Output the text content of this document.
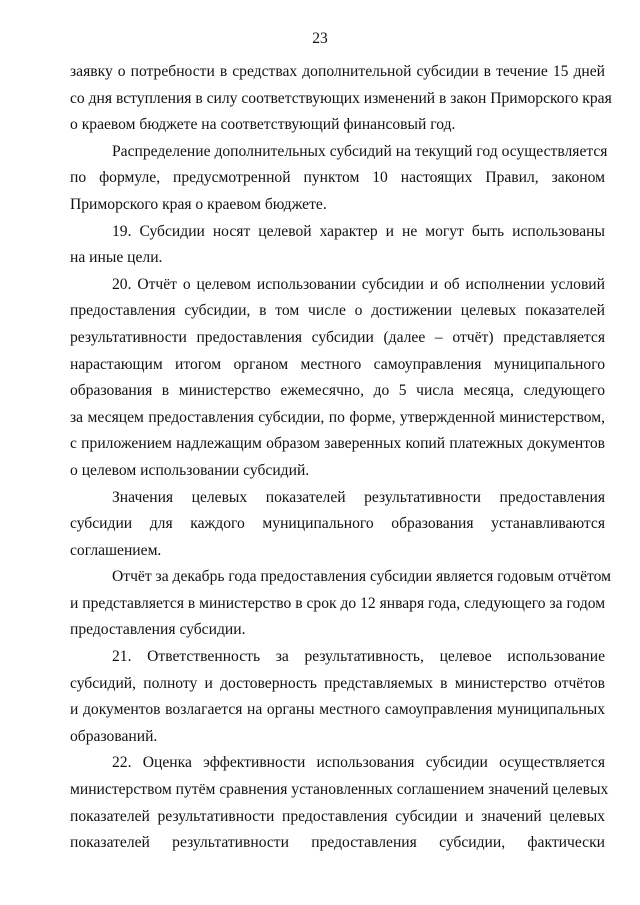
23
заявку о потребности в средствах дополнительной субсидии в течение 15 дней
со дня вступления в силу соответствующих изменений в закон Приморского края
о краевом бюджете на соответствующий финансовый год.
Распределение дополнительных субсидий на текущий год осуществляется
по формуле, предусмотренной пунктом 10 настоящих Правил, законом
Приморского края о краевом бюджете.
19. Субсидии носят целевой характер и не могут быть использованы
на иные цели.
20. Отчёт о целевом использовании субсидии и об исполнении условий
предоставления субсидии, в том числе о достижении целевых показателей
результативности предоставления субсидии (далее – отчёт) представляется
нарастающим итогом органом местного самоуправления муниципального
образования в министерство ежемесячно, до 5 числа месяца, следующего
за месяцем предоставления субсидии, по форме, утвержденной министерством,
с приложением надлежащим образом заверенных копий платежных документов
о целевом использовании субсидий.
Значения целевых показателей результативности предоставления
субсидии для каждого муниципального образования устанавливаются
соглашением.
Отчёт за декабрь года предоставления субсидии является годовым отчётом
и представляется в министерство в срок до 12 января года, следующего за годом
предоставления субсидии.
21. Ответственность за результативность, целевое использование
субсидий, полноту и достоверность представляемых в министерство отчётов
и документов возлагается на органы местного самоуправления муниципальных
образований.
22. Оценка эффективности использования субсидии осуществляется
министерством путём сравнения установленных соглашением значений целевых
показателей результативности предоставления субсидии и значений целевых
показателей результативности предоставления субсидии, фактически
